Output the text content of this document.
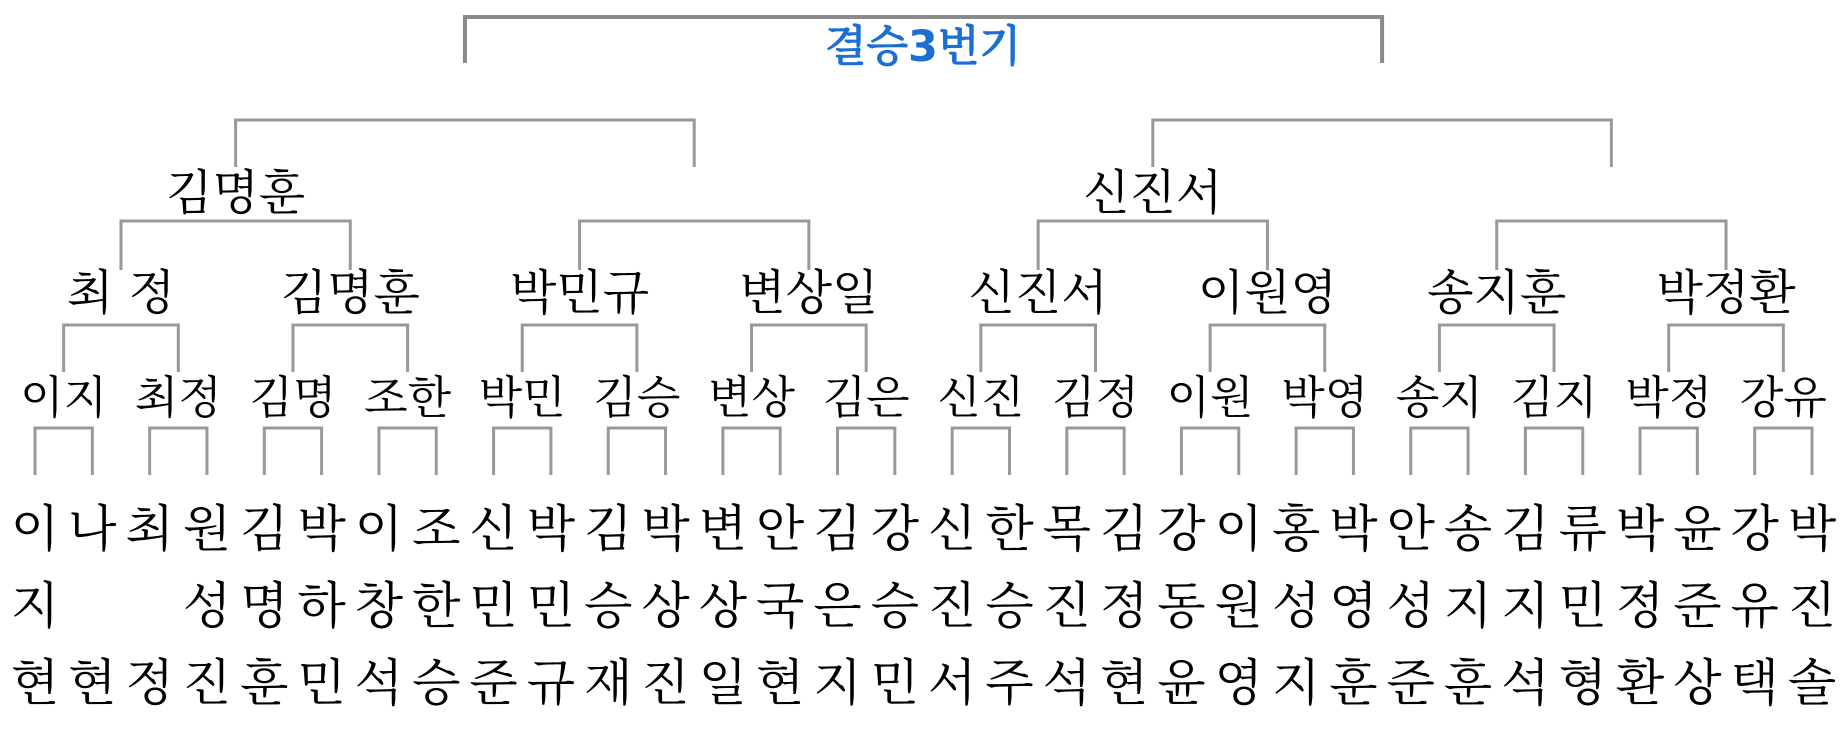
결승3번기
김명훈	신진서
최 정 김명훈 박민규 변상일 신진서 이원영 송지훈 박정환
이지 최정 김명 조한 박민 김승 변상 김은 신진 김정 이원 박영 송지 김지 박정 강유
이
지
현
나
현
최
정
원
성
진
김
명
훈
박
하
민
이
창
석
조
한
승
신
민
준
박
민
규
김
승
재
박
상
진
변
상
일
안
국
현
김
은
지
강
승
민
신
진
서
한
승
주
목
진
석
김
정
현
강
동
윤
이
원
영
홍
성
지
박
영
훈
안
성
준
송
지
훈
김
지
석
류
민
형
박
정
환
윤
준
상
강
유
택
박
진
솔
